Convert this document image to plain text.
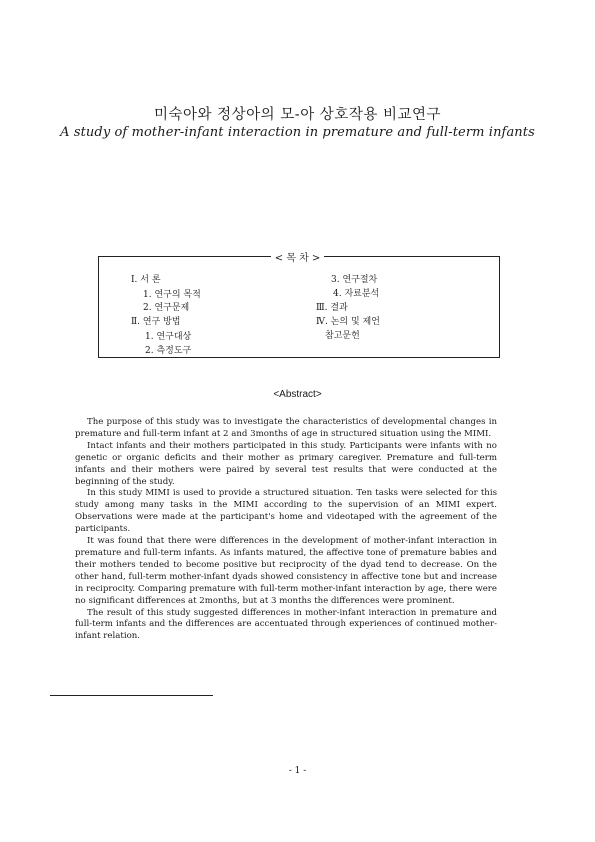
미숙아와 정상아의 모-아 상호작용 비교연구
A study of mother-infant interaction in premature and full-term infants
< 목 차 >
Ⅰ. 서 론
1. 연구의 목적
2. 연구문제
Ⅱ. 연구 방법
1. 연구대상
2. 측정도구
3. 연구절차
4. 자료분석
Ⅲ. 결과
Ⅳ. 논의 및 제언
참고문헌
<Abstract>

The purpose of this study was to investigate the characteristics of developmental changes in premature and full-term infant at 2 and 3months of age in structured situation using the MIMI.

Intact infants and their mothers participated in this study. Participants were infants with no genetic or organic deficits and their mother as primary caregiver. Premature and full-term infants and their mothers were paired by several test results that were conducted at the beginning of the study.

In this study MIMI is used to provide a structured situation. Ten tasks were selected for this study among many tasks in the MIMI according to the supervision of an MIMI expert. Observations were made at the participant's home and videotaped with the agreement of the participants.

It was found that there were differences in the development of mother-infant interaction in premature and full-term infants. As infants matured, the affective tone of premature babies and their mothers tended to become positive but reciprocity of the dyad tend to decrease. On the other hand, full-term mother-infant dyads showed consistency in affective tone but and increase in reciprocity. Comparing premature with full-term mother-infant interaction by age, there were no significant differences at 2months, but at 3 months the differences were prominent.

The result of this study suggested differences in mother-infant interaction in premature and full-term infants and the differences are accentuated through experiences of continued mother-infant relation.

- 1 -
